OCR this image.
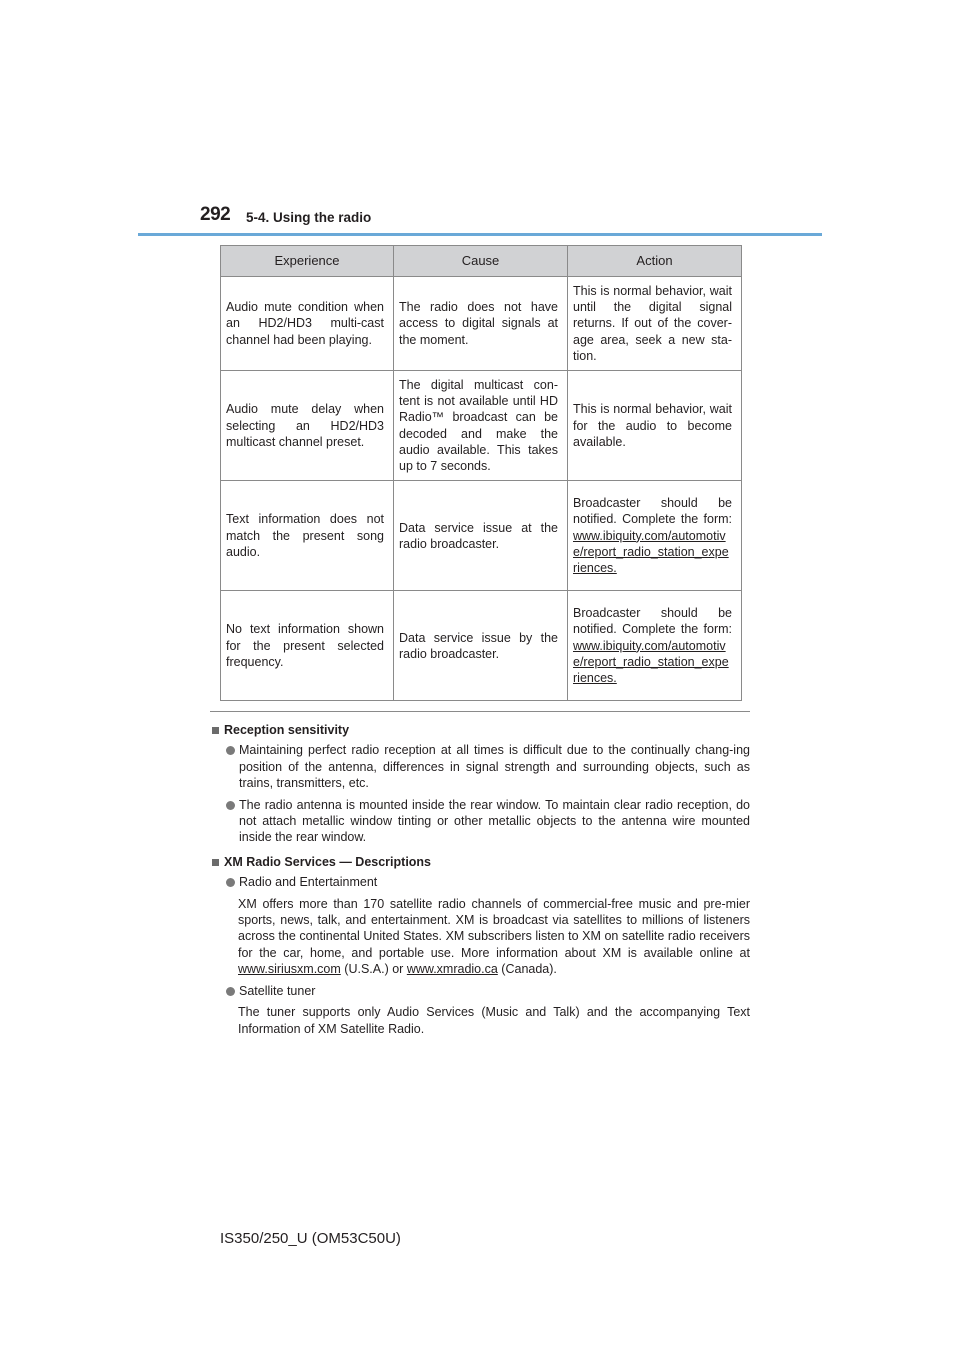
292 5-4. Using the radio
Experience	Cause	Action
Audio mute condition when an HD2/HD3 multi-cast channel had been playing.	The radio does not have access to digital signals at the moment.	This is normal behavior, wait until the digital signal returns. If out of the cover-age area, seek a new sta-tion.
Audio mute delay when selecting an HD2/HD3 multicast channel preset.	The digital multicast con-tent is not available until HD Radio™ broadcast can be decoded and make the audio available. This takes up to 7 seconds.	This is normal behavior, wait for the audio to become available.
Text information does not match the present song audio.	Data service issue at the radio broadcaster.	Broadcaster should be notified. Complete the form: www.ibiquity.com/automotive/report_radio_station_experiences.
No text information shown for the present selected frequency.	Data service issue by the radio broadcaster.	Broadcaster should be notified. Complete the form: www.ibiquity.com/automotive/report_radio_station_experiences.
Reception sensitivity
Maintaining perfect radio reception at all times is difficult due to the continually chang-ing position of the antenna, differences in signal strength and surrounding objects, such as trains, transmitters, etc.
The radio antenna is mounted inside the rear window. To maintain clear radio reception, do not attach metallic window tinting or other metallic objects to the antenna wire mounted inside the rear window.
XM Radio Services — Descriptions
Radio and Entertainment
XM offers more than 170 satellite radio channels of commercial-free music and pre-mier sports, news, talk, and entertainment. XM is broadcast via satellites to millions of listeners across the continental United States. XM subscribers listen to XM on satellite radio receivers for the car, home, and portable use. More information about XM is available online at www.siriusxm.com (U.S.A.) or www.xmradio.ca (Canada).
Satellite tuner
The tuner supports only Audio Services (Music and Talk) and the accompanying Text Information of XM Satellite Radio.
IS350/250_U (OM53C50U)
